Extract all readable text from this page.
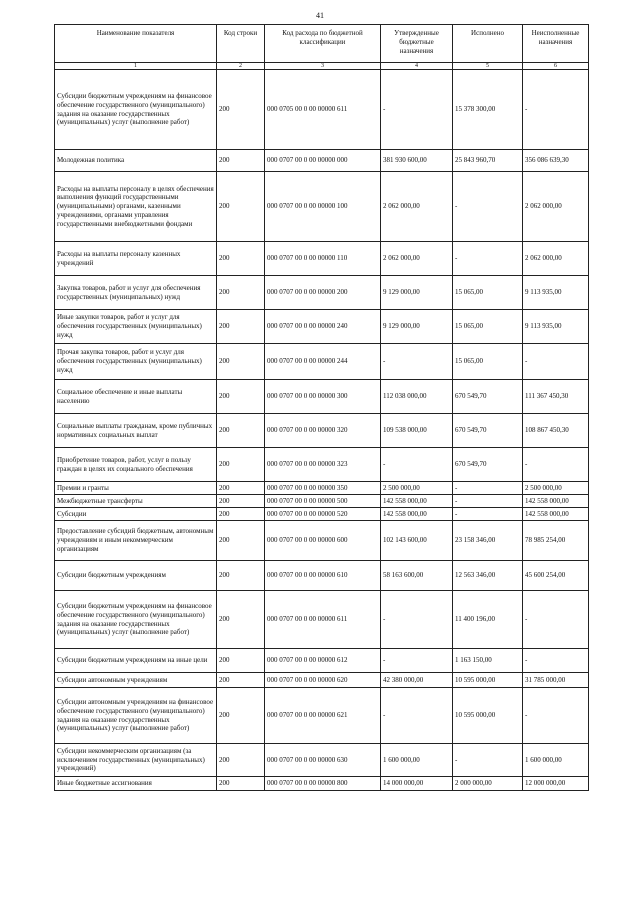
41
Наименование показателя	Код строки	Код расхода по бюджетной классификации	Утвержденные бюджетные назначения	Исполнено	Неисполненные назначения
1	2	3	4	5	6
Субсидии бюджетным учреждениям на финансовое обеспечение государственного (муниципального) задания на оказание государственных (муниципальных) услуг (выполнение работ)	200	000 0705 00 0 00 00000 611	-	15 378 300,00	-
Молодежная политика	200	000 0707 00 0 00 00000 000	381 930 600,00	25 843 960,70	356 086 639,30
Расходы на выплаты персоналу в целях обеспечения выполнения функций государственными (муниципальными) органами, казенными учреждениями, органами управления государственными внебюджетными фондами	200	000 0707 00 0 00 00000 100	2 062 000,00	-	2 062 000,00
Расходы на выплаты персоналу казенных учреждений	200	000 0707 00 0 00 00000 110	2 062 000,00	-	2 062 000,00
Закупка товаров, работ и услуг для обеспечения государственных (муниципальных) нужд	200	000 0707 00 0 00 00000 200	9 129 000,00	15 065,00	9 113 935,00
Иные закупки товаров, работ и услуг для обеспечения государственных (муниципальных) нужд	200	000 0707 00 0 00 00000 240	9 129 000,00	15 065,00	9 113 935,00
Прочая закупка товаров, работ и услуг для обеспечения государственных (муниципальных) нужд	200	000 0707 00 0 00 00000 244	-	15 065,00	-
Социальное обеспечение и иные выплаты населению	200	000 0707 00 0 00 00000 300	112 038 000,00	670 549,70	111 367 450,30
Социальные выплаты гражданам, кроме публичных нормативных социальных выплат	200	000 0707 00 0 00 00000 320	109 538 000,00	670 549,70	108 867 450,30
Приобретение товаров, работ, услуг в пользу граждан в целях их социального обеспечения	200	000 0707 00 0 00 00000 323	-	670 549,70	-
Премии и гранты	200	000 0707 00 0 00 00000 350	2 500 000,00	-	2 500 000,00
Межбюджетные трансферты	200	000 0707 00 0 00 00000 500	142 558 000,00	-	142 558 000,00
Субсидии	200	000 0707 00 0 00 00000 520	142 558 000,00	-	142 558 000,00
Предоставление субсидий бюджетным, автономным учреждениям и иным некоммерческим организациям	200	000 0707 00 0 00 00000 600	102 143 600,00	23 158 346,00	78 985 254,00
Субсидии бюджетным учреждениям	200	000 0707 00 0 00 00000 610	58 163 600,00	12 563 346,00	45 600 254,00
Субсидии бюджетным учреждениям на финансовое обеспечение государственного (муниципального) задания на оказание государственных (муниципальных) услуг (выполнение работ)	200	000 0707 00 0 00 00000 611	-	11 400 196,00	-
Субсидии бюджетным учреждениям на иные цели	200	000 0707 00 0 00 00000 612	-	1 163 150,00	-
Субсидии автономным учреждениям	200	000 0707 00 0 00 00000 620	42 380 000,00	10 595 000,00	31 785 000,00
Субсидии автономным учреждениям на финансовое обеспечение государственного (муниципального) задания на оказание государственных (муниципальных) услуг (выполнение работ)	200	000 0707 00 0 00 00000 621	-	10 595 000,00	-
Субсидии некоммерческим организациям (за исключением государственных (муниципальных) учреждений)	200	000 0707 00 0 00 00000 630	1 600 000,00	-	1 600 000,00
Иные бюджетные ассигнования	200	000 0707 00 0 00 00000 800	14 000 000,00	2 000 000,00	12 000 000,00
